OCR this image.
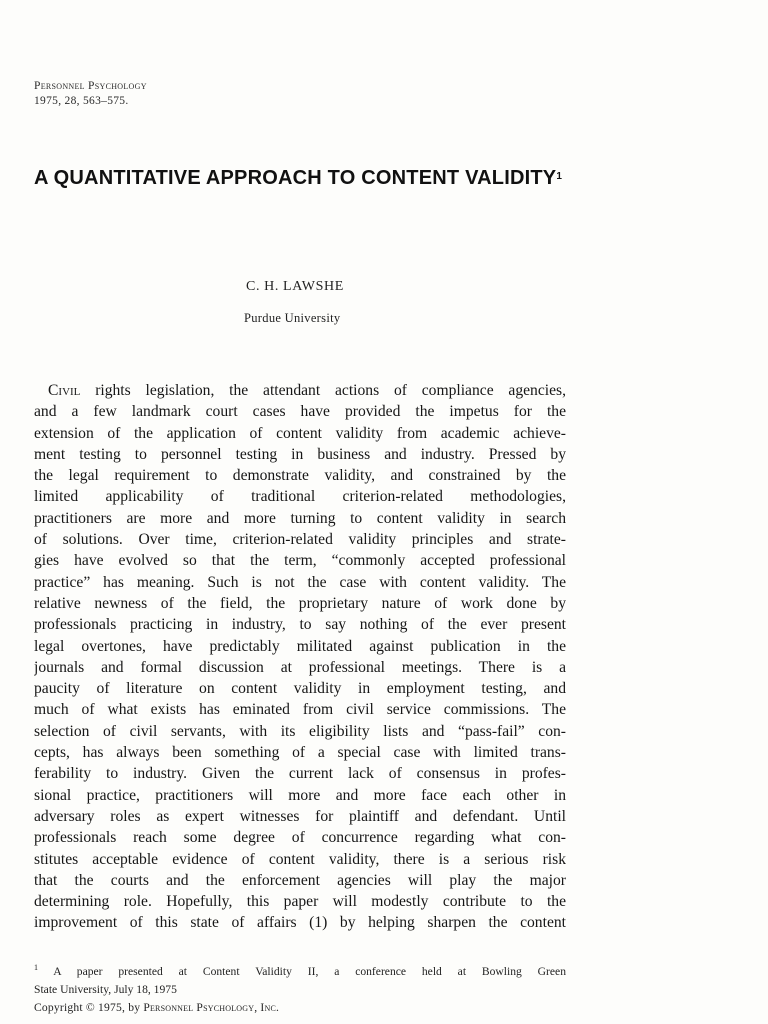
Personnel Psychology
1975, 28, 563–575.
A QUANTITATIVE APPROACH TO CONTENT VALIDITY$^1$
C. H. LAWSHE
Purdue University
Civil rights legislation, the attendant actions of compliance agencies,
and a few landmark court cases have provided the impetus for the
extension of the application of content validity from academic achieve-
ment testing to personnel testing in business and industry. Pressed by
the legal requirement to demonstrate validity, and constrained by the
limited applicability of traditional criterion-related methodologies,
practitioners are more and more turning to content validity in search
of solutions. Over time, criterion-related validity principles and strate-
gies have evolved so that the term, “commonly accepted professional
practice” has meaning. Such is not the case with content validity. The
relative newness of the field, the proprietary nature of work done by
professionals practicing in industry, to say nothing of the ever present
legal overtones, have predictably militated against publication in the
journals and formal discussion at professional meetings. There is a
paucity of literature on content validity in employment testing, and
much of what exists has eminated from civil service commissions. The
selection of civil servants, with its eligibility lists and “pass-fail” con-
cepts, has always been something of a special case with limited trans-
ferability to industry. Given the current lack of consensus in profes-
sional practice, practitioners will more and more face each other in
adversary roles as expert witnesses for plaintiff and defendant. Until
professionals reach some degree of concurrence regarding what con-
stitutes acceptable evidence of content validity, there is a serious risk
that the courts and the enforcement agencies will play the major
determining role. Hopefully, this paper will modestly contribute to the
improvement of this state of affairs (1) by helping sharpen the content
$^1$ A paper presented at Content Validity II, a conference held at Bowling Green
State University, July 18, 1975
Copyright © 1975, by Personnel Psychology, Inc.
